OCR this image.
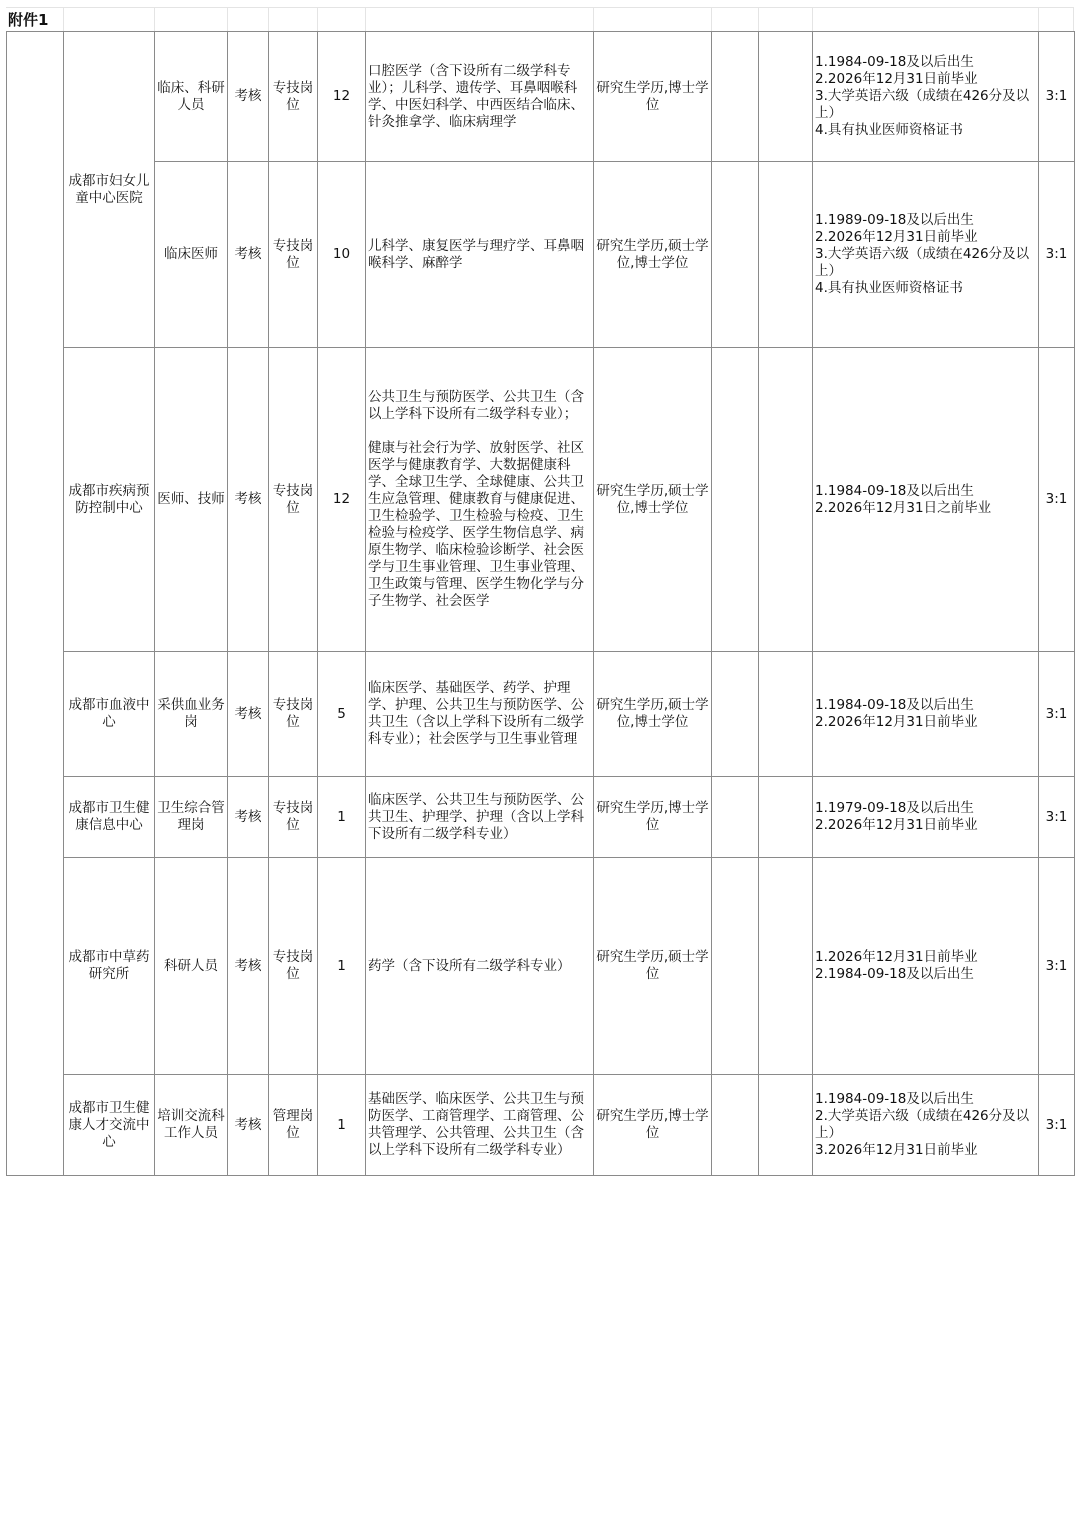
附件1
	成都市妇女儿童中心医院	临床、科研人员	考核	专技岗位	12	口腔医学（含下设所有二级学科专业）；儿科学、遗传学、耳鼻咽喉科学、中医妇科学、中西医结合临床、针灸推拿学、临床病理学	研究生学历,博士学位			1.1984-09-18及以后出生
2.2026年12月31日前毕业
3.大学英语六级（成绩在426分及以上）
4.具有执业医师资格证书	3:1
		临床医师	考核	专技岗位	10	儿科学、康复医学与理疗学、耳鼻咽喉科学、麻醉学	研究生学历,硕士学位,博士学位			1.1989-09-18及以后出生
2.2026年12月31日前毕业
3.大学英语六级（成绩在426分及以上）
4.具有执业医师资格证书	3:1
	成都市疾病预防控制中心	医师、技师	考核	专技岗位	12	公共卫生与预防医学、公共卫生（含以上学科下设所有二级学科专业）；
健康与社会行为学、放射医学、社区医学与健康教育学、大数据健康科学、全球卫生学、全球健康、公共卫生应急管理、健康教育与健康促进、卫生检验学、卫生检验与检疫、卫生检验与检疫学、医学生物信息学、病原生物学、临床检验诊断学、社会医学与卫生事业管理、卫生事业管理、卫生政策与管理、医学生物化学与分子生物学、社会医学	研究生学历,硕士学位,博士学位			1.1984-09-18及以后出生
2.2026年12月31日之前毕业	3:1
	成都市血液中心	采供血业务岗	考核	专技岗位	5	临床医学、基础医学、药学、护理学、护理、公共卫生与预防医学、公共卫生（含以上学科下设所有二级学科专业）；社会医学与卫生事业管理	研究生学历,硕士学位,博士学位			1.1984-09-18及以后出生
2.2026年12月31日前毕业	3:1
	成都市卫生健康信息中心	卫生综合管理岗	考核	专技岗位	1	临床医学、公共卫生与预防医学、公共卫生、护理学、护理（含以上学科下设所有二级学科专业）	研究生学历,博士学位			1.1979-09-18及以后出生
2.2026年12月31日前毕业	3:1
	成都市中草药研究所	科研人员	考核	专技岗位	1	药学（含下设所有二级学科专业）	研究生学历,硕士学位			1.2026年12月31日前毕业
2.1984-09-18及以后出生	3:1
	成都市卫生健康人才交流中心	培训交流科工作人员	考核	管理岗位	1	基础医学、临床医学、公共卫生与预防医学、工商管理学、工商管理、公共管理学、公共管理、公共卫生（含以上学科下设所有二级学科专业）	研究生学历,博士学位			1.1984-09-18及以后出生
2.大学英语六级（成绩在426分及以上）
3.2026年12月31日前毕业	3:1
